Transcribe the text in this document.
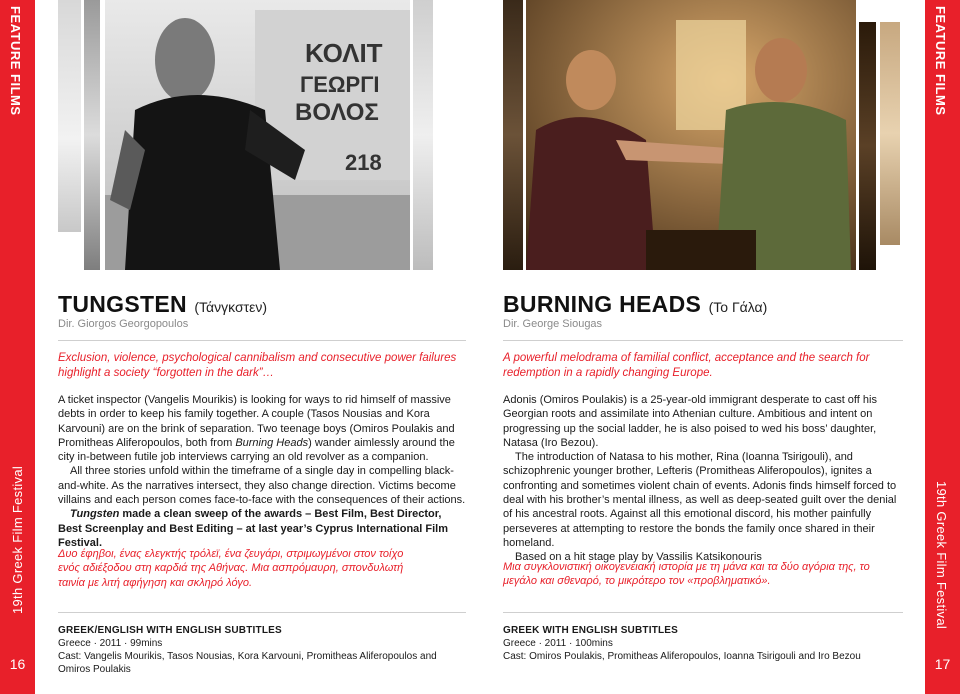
FEATURE FILMS
19th Greek Film Festival
16
FEATURE FILMS
19th Greek Film Festival
17
ΚΟΛΙΤ
ΓΕΩΡΓΙ
ΒΟΛΟΣ
218
TUNGSTEN (Τάνγκστεν)
Dir. Giorgos Georgopoulos
Exclusion, violence, psychological cannibalism and consecutive power failures highlight a society “forgotten in the dark”…

A ticket inspector (Vangelis Mourikis) is looking for ways to rid himself of massive debts in order to keep his family together. A couple (Tasos Nousias and Kora Karvouni) are on the brink of separation. Two teenage boys (Omiros Poulakis and Promitheas Aliferopoulos, both from Burning Heads) wander aimlessly around the city in-between futile job interviews carrying an old revolver as a companion.

All three stories unfold within the timeframe of a single day in compelling black-and-white. As the narratives intersect, they also change direction. Victims become villains and each person comes face-to-face with the consequences of their actions.

Tungsten made a clean sweep of the awards – Best Film, Best Director, Best Screenplay and Best Editing – at last year’s Cyprus International Film Festival.

Δυο έφηβοι, ένας ελεγκτής τρόλεϊ, ένα ζευγάρι, στριμωγμένοι στον τοίχο ενός αδιέξοδου στη καρδιά της Αθήνας. Μια ασπρόμαυρη, σπονδυλωτή ταινία με λιτή αφήγηση και σκληρό λόγο.
GREEK/ENGLISH WITH ENGLISH SUBTITLES
Greece · 2011 · 99mins
Cast: Vangelis Mourikis, Tasos Nousias, Kora Karvouni, Promitheas Aliferopoulos and Omiros Poulakis
BURNING HEADS (Το Γάλα)
Dir. George Siougas
A powerful melodrama of familial conflict, acceptance and the search for redemption in a rapidly changing Europe.

Adonis (Omiros Poulakis) is a 25-year-old immigrant desperate to cast off his Georgian roots and assimilate into Athenian culture. Ambitious and intent on progressing up the social ladder, he is also poised to wed his boss’ daughter, Natasa (Iro Bezou).

The introduction of Natasa to his mother, Rina (Ioanna Tsirigouli), and schizophrenic younger brother, Lefteris (Promitheas Aliferopoulos), ignites a confronting and sometimes violent chain of events. Adonis finds himself forced to deal with his brother’s mental illness, as well as deep-seated guilt over the denial of his ancestral roots. Against all this emotional discord, his mother painfully perseveres at attempting to restore the bonds the family once shared in their homeland.

Based on a hit stage play by Vassilis Katsikonouris

Μια συγκλονιστική οικογενειακή ιστορία με τη μάνα και τα δύο αγόρια της, το μεγάλο και σθεναρό, το μικρότερο τον «προβληματικό».
GREEK WITH ENGLISH SUBTITLES
Greece · 2011 · 100mins
Cast: Omiros Poulakis, Promitheas Aliferopoulos, Ioanna Tsirigouli and Iro Bezou
